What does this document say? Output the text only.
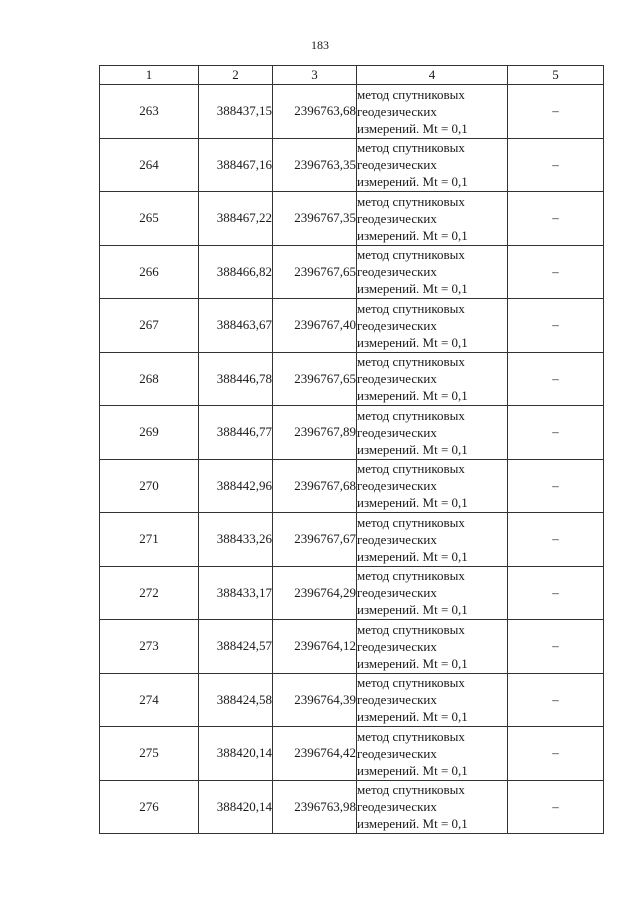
183
1	2	3	4	5
263	388437,15	2396763,68	метод спутниковых
геодезических
измерений. Mt = 0,1	–
264	388467,16	2396763,35	метод спутниковых
геодезических
измерений. Mt = 0,1	–
265	388467,22	2396767,35	метод спутниковых
геодезических
измерений. Mt = 0,1	–
266	388466,82	2396767,65	метод спутниковых
геодезических
измерений. Mt = 0,1	–
267	388463,67	2396767,40	метод спутниковых
геодезических
измерений. Mt = 0,1	–
268	388446,78	2396767,65	метод спутниковых
геодезических
измерений. Mt = 0,1	–
269	388446,77	2396767,89	метод спутниковых
геодезических
измерений. Mt = 0,1	–
270	388442,96	2396767,68	метод спутниковых
геодезических
измерений. Mt = 0,1	–
271	388433,26	2396767,67	метод спутниковых
геодезических
измерений. Mt = 0,1	–
272	388433,17	2396764,29	метод спутниковых
геодезических
измерений. Mt = 0,1	–
273	388424,57	2396764,12	метод спутниковых
геодезических
измерений. Mt = 0,1	–
274	388424,58	2396764,39	метод спутниковых
геодезических
измерений. Mt = 0,1	–
275	388420,14	2396764,42	метод спутниковых
геодезических
измерений. Mt = 0,1	–
276	388420,14	2396763,98	метод спутниковых
геодезических
измерений. Mt = 0,1	–
